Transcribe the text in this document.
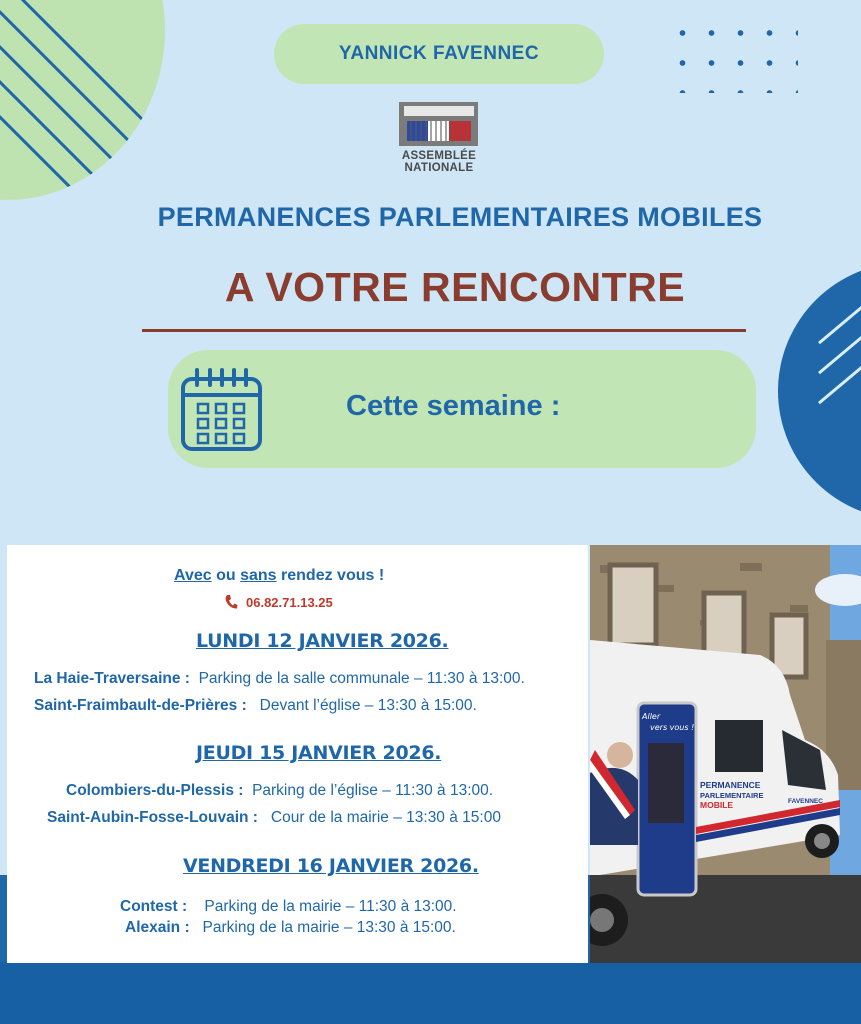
YANNICK FAVENNEC
ASSEMBLÉE
NATIONALE
PERMANENCES PARLEMENTAIRES MOBILES
A VOTRE RENCONTRE
Cette semaine :
Avec ou sans rendez vous !
06.82.71.13.25
LUNDI 12 JANVIER 2026.
La Haie-Traversaine : Parking de la salle communale – 11:30 à 13:00.
Saint-Fraimbault-de-Prières : Devant l’église – 13:30 à 15:00.
JEUDI 15 JANVIER 2026.
Colombiers-du-Plessis : Parking de l’église – 11:30 à 13:00.
Saint-Aubin-Fosse-Louvain : Cour de la mairie – 13:30 à 15:00
VENDREDI 16 JANVIER 2026.
Contest : Parking de la mairie – 11:30 à 13:00.
Alexain : Parking de la mairie – 13:30 à 15:00.
Aller
vers vous !
PERMANENCE
PARLEMENTAIRE
MOBILE	FAVENNEC
